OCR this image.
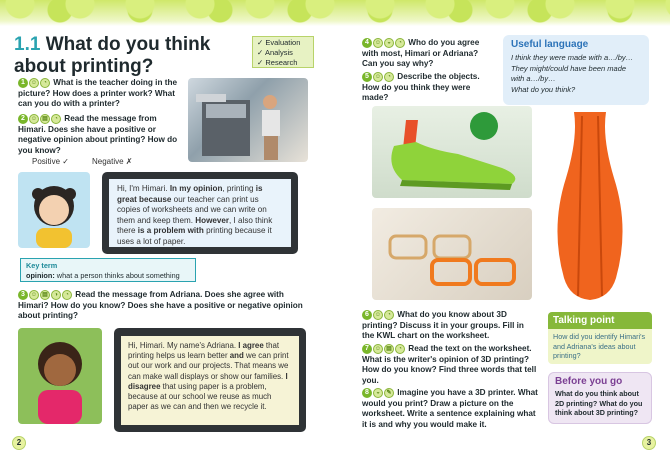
1.1 What do you think about printing?
✓ Evaluation
✓ Analysis
✓ Research
1 ☺ ◔ What is the teacher doing in the picture? How does a printer work? What can you do with a printer?
2 ☺ ▤ ◔ Read the message from Himari. Does she have a positive or negative opinion about printing? How do you know?
Positive ✓	Negative ✗
Hi, I'm Himari. In my opinion, printing is great because our teacher can print us copies of worksheets and we can write on them and keep them. However, I also think there is a problem with printing because it uses a lot of paper.
Key term
opinion: what a person thinks about something
3 ☺ ▤ ◑ ◔ Read the message from Adriana. Does she agree with Himari? How do you know? Does she have a positive or negative opinion about printing?
Hi, Himari. My name's Adriana. I agree that printing helps us learn better and we can print out our work and our projects. That means we can make wall displays or show our families. I disagree that using paper is a problem, because at our school we reuse as much paper as we can and then we recycle it.
2
4 ☺ ◒ ◔ Who do you agree with most, Himari or Adriana? Can you say why?
5 ☺ ◔ Describe the objects. How do you think they were made?
Useful language

I think they were made with a…/by…

They might/could have been made with a…/by…

What do you think?

6 ☺ ◔ What do you know about 3D printing? Discuss it in your groups. Fill in the KWL chart on the worksheet.
7 ☺ ▤ ◔ Read the text on the worksheet. What is the writer's opinion of 3D printing? How do you know? Find three words that tell you.
8 ◒ ✎ Imagine you have a 3D printer. What would you print? Draw a picture on the worksheet. Write a sentence explaining what it is and why you would make it.
Talking point

How did you identify Himari's and Adriana's ideas about printing?

Before you go

What do you think about 2D printing? What do you think about 3D printing?

3
